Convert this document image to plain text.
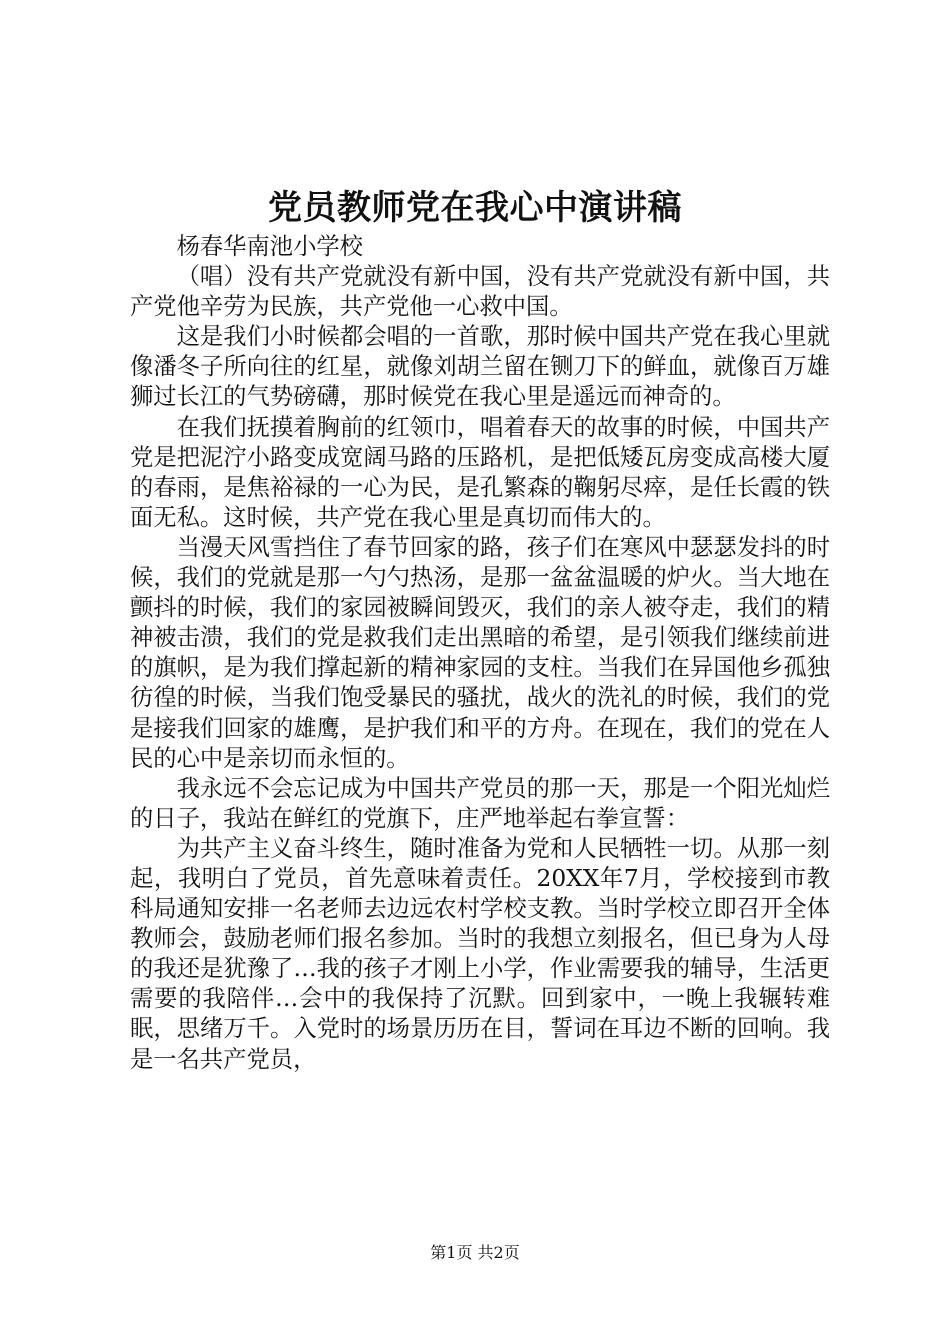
党员教师党在我心中演讲稿

杨春华南池小学校

（唱）没有共产党就没有新中国，没有共产党就没有新中国，共产党他辛劳为民族，共产党他一心救中国。

这是我们小时候都会唱的一首歌，那时候中国共产党在我心里就像潘冬子所向往的红星，就像刘胡兰留在铡刀下的鲜血，就像百万雄狮过长江的气势磅礴，那时候党在我心里是遥远而神奇的。

在我们抚摸着胸前的红领巾，唱着春天的故事的时候，中国共产党是把泥泞小路变成宽阔马路的压路机，是把低矮瓦房变成高楼大厦的春雨，是焦裕禄的一心为民，是孔繁森的鞠躬尽瘁，是任长霞的铁面无私。这时候，共产党在我心里是真切而伟大的。

当漫天风雪挡住了春节回家的路，孩子们在寒风中瑟瑟发抖的时候，我们的党就是那一勺勺热汤，是那一盆盆温暖的炉火。当大地在颤抖的时候，我们的家园被瞬间毁灭，我们的亲人被夺走，我们的精神被击溃，我们的党是救我们走出黑暗的希望，是引领我们继续前进的旗帜，是为我们撑起新的精神家园的支柱。当我们在异国他乡孤独彷徨的时候，当我们饱受暴民的骚扰，战火的洗礼的时候，我们的党是接我们回家的雄鹰，是护我们和平的方舟。在现在，我们的党在人民的心中是亲切而永恒的。

我永远不会忘记成为中国共产党员的那一天，那是一个阳光灿烂的日子，我站在鲜红的党旗下，庄严地举起右拳宣誓：

为共产主义奋斗终生，随时准备为党和人民牺牲一切。从那一刻起，我明白了党员，首先意味着责任。20XX年7月，学校接到市教科局通知安排一名老师去边远农村学校支教。当时学校立即召开全体教师会，鼓励老师们报名参加。当时的我想立刻报名，但已身为人母的我还是犹豫了…我的孩子才刚上小学，作业需要我的辅导，生活更需要的我陪伴…会中的我保持了沉默。回到家中，一晚上我辗转难眠，思绪万千。入党时的场景历历在目，誓词在耳边不断的回响。我是一名共产党员，

第1页 共2页
